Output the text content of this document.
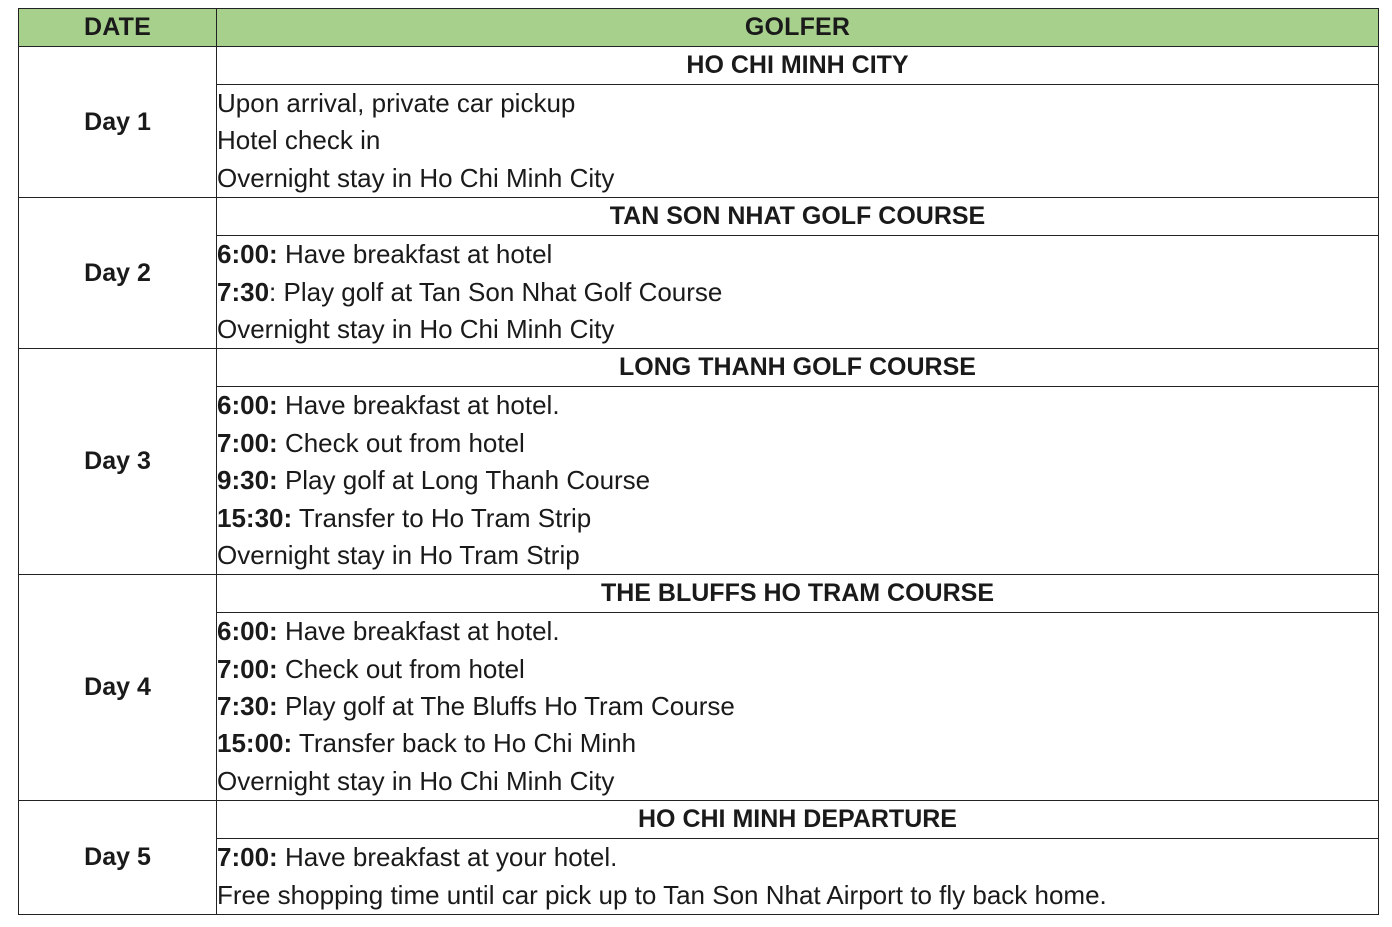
DATE	GOLFER
Day 1	HO CHI MINH CITY

	Upon arrival, private car pickup
Hotel check in
Overnight stay in Ho Chi Minh City

Day 2	TAN SON NHAT GOLF COURSE

	6:00: Have breakfast at hotel
7:30: Play golf at Tan Son Nhat Golf Course
Overnight stay in Ho Chi Minh City

Day 3	LONG THANH GOLF COURSE

	6:00: Have breakfast at hotel.
7:00: Check out from hotel
9:30: Play golf at Long Thanh Course
15:30: Transfer to Ho Tram Strip
Overnight stay in Ho Tram Strip

Day 4	THE BLUFFS HO TRAM COURSE

	6:00: Have breakfast at hotel.
7:00: Check out from hotel
7:30: Play golf at The Bluffs Ho Tram Course
15:00: Transfer back to Ho Chi Minh
Overnight stay in Ho Chi Minh City

Day 5	HO CHI MINH DEPARTURE

	7:00: Have breakfast at your hotel.
Free shopping time until car pick up to Tan Son Nhat Airport to fly back home.
